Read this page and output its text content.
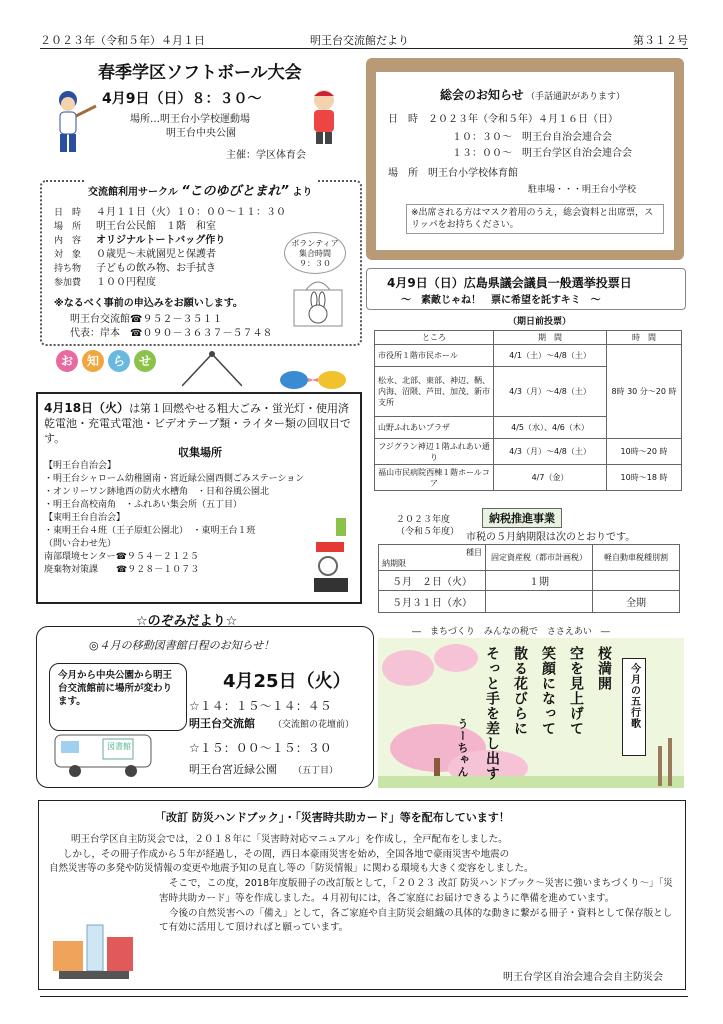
２０２３年（令和５年）４月１日	明王台交流館だより	第３１２号
春季学区ソフトボール大会
4月9日（日）８：３０～
場所…明王台小学校運動場
明王台中央公園
主催：学区体育会
交流館利用サークル “このゆびとまれ” より
日　時 ４月１１日（火）１０：００～１１：３０
場　所 明王台公民館　１階　和室
内　容 オリジナルトートバッグ作り
対　象 ０歳児～未就園児と保護者
持ち物 子どもの飲み物、お手拭き
参加費 １００円程度
※なるべく事前の申込みをお願いします。
明王台交流館☎９５２－３５１１
代表：岸本　☎０９０－３６３７－５７４８
ボランティア
集合時間
９：３０
総会のお知らせ （手話通訳があります）
日　時 ２０２３年（令和５年）４月１６日（日）
１０：３０～　明王台自治会連合会
１３：００～　明王台学区自治会連合会
場　所 明王台小学校体育館
駐車場・・・明王台小学校
※出席される方はマスク着用のうえ，総会資料と出席票，スリッパをお持ちください。
4月9日（日）広島県議会議員一般選挙投票日
～　素敵じゃね！　票に希望を託すキミ　～
（期日前投票）
ところ	期　間	時　間
市役所１階市民ホール	4/1（土）～4/8（土）	8時 30 分～20 時
松永、北部、東部、神辺、鞆、内海、沼隈、芦田、加茂、新市支所	4/3（月）～4/8（土）	
山野ふれあいプラザ	4/5（水）、4/6（木）	
フジグラン神辺１階ふれあい通り	4/3（月）～4/8（土）	10時～20 時
福山市民病院西棟１階ホールコア	4/7（金）	10時～18 時
お 知 ら せ
4月18日（火）は第１回燃やせる粗大ごみ・蛍光灯・使用済乾電池・充電式電池・ビデオテープ類・ライター類の回収日です。
収集場所
【明王台自治会】
・明王台シャローム幼稚園南・宮近緑公園西側ごみステーション
・オンリーワン跡地西の防火水槽角　・日和谷風公園北
・明王台高校南角　・ふれあい集会所（五丁目）
【東明王台自治会】
・東明王台４班（王子原虹公園北）　・東明王台１班
（問い合わせ先）
南部環境センター☎９５４－２１２５
廃棄物対策課　　☎９２８－１０７３
２０２３年度
（令和５年度）
納税推進事業
市税の５月納期限は次のとおりです。
種目
納期限	固定資産税（都市計画税）	軽自動車税種別割
５月　２日（火）	１期	
５月３１日（水）		全期
☆のぞみだより☆
◎４月の移動図書館日程のお知らせ！
今月から中央公園から明王台交流館前に場所が変わります。
図書館
4月25日（火）
☆１４：１５～１４：４５
明王台交流館 （交流館の花壇前）
☆１５：００～１５：３０
明王台宮近緑公園 （五丁目）
―　まちづくり　みんなの税で　ささえあい　―
今月の五行歌
桜満開
空を見上げて
笑顔になって
散る花びらに
そっと手を差し出す
うーちゃん
「改訂 防災ハンドブック」・「災害時共助カード」等を配布しています！
明王台学区自主防災会では，２０１８年に「災害時対応マニュアル」を作成し，全戸配布をしました。
しかし，その冊子作成から５年が経過し，その間，西日本豪雨災害を始め，全国各地で豪雨災害や地震の
自然災害等の多発や防災情報の変更や地震予知の見直し等の「防災情報」に関わる環境も大きく変容をしました。
そこで，この度，2018年度版冊子の改訂版として，「２０２３ 改訂 防災ハンドブック～災害に強いまちづくり～」「災害時共助カード」等を作成しました。４月初旬には，各ご家庭にお届けできるように準備を進めています。
今後の自然災害への「備え」として，各ご家庭や自主防災会組織の具体的な動きに繋がる冊子・資料として保存版として有効に活用して頂ければと願っています。
明王台学区自治会連合会自主防災会
